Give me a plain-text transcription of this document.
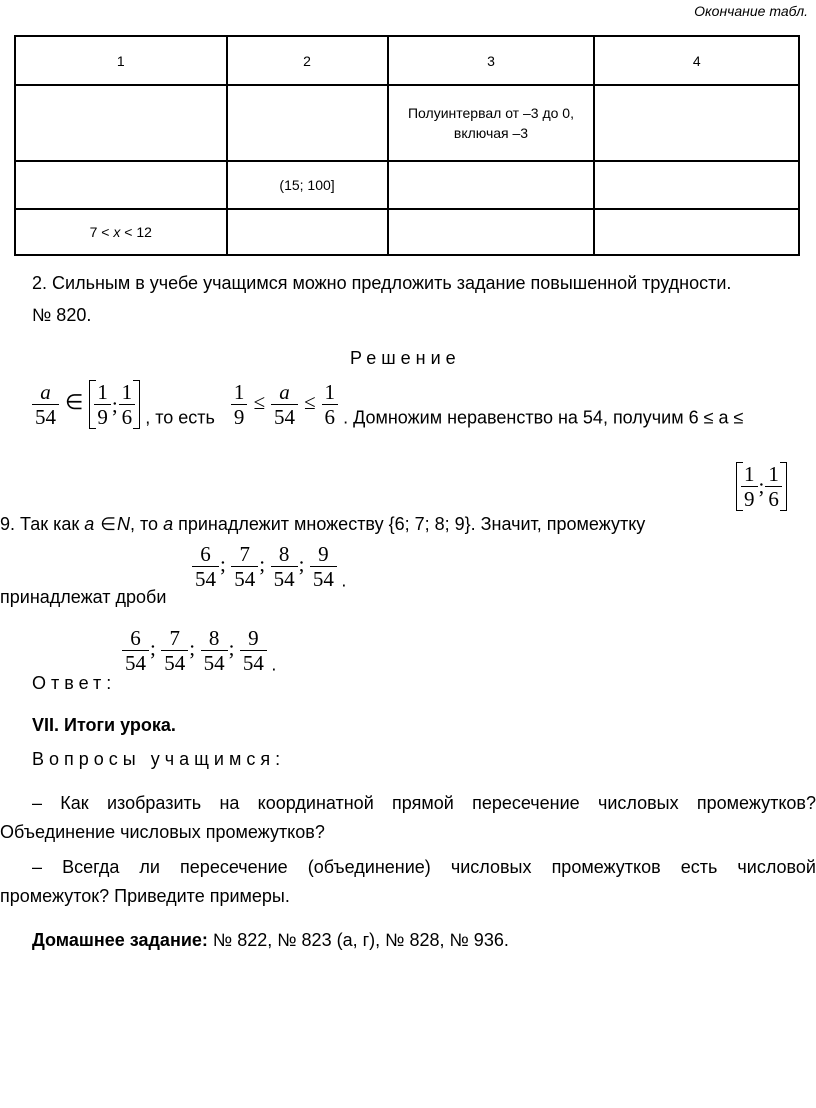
Окончание табл.
1	2	3	4

		Полуинтервал от –3 до 0, включая –3	

	(15; 100]		
7 < x < 12			
2. Сильным в учебе учащимся можно предложить задание повышенной трудности.
№ 820.
Решение
$\frac{a}{54}$ ∈ $\frac{1}{9}$ ; $\frac{1}{6}$ , то есть $\frac{1}{9} \le \frac{a}{54} \le \frac{1}{6}$ . Домножим неравенство на 54, получим 6 ≤ a ≤
9. Так как a ∈N, то a принадлежит множеству {6; 7; 8; 9}. Значит, промежутку
$\frac{1}{9}$ ; $\frac{1}{6}$
принадлежат дроби
$\frac{6}{54}$ ; $\frac{7}{54}$ ; $\frac{8}{54}$ ; $\frac{9}{54}$ .
Ответ:
$\frac{6}{54}$ ; $\frac{7}{54}$ ; $\frac{8}{54}$ ; $\frac{9}{54}$ .
VII. Итоги урока.
Вопросы учащимся:
– Как изобразить на координатной прямой пересечение числовых промежутков?
Объединение числовых промежутков?
– Всегда ли пересечение (объединение) числовых промежутков есть числовой
промежуток? Приведите примеры.
Домашнее задание: № 822, № 823 (а, г), № 828, № 936.
